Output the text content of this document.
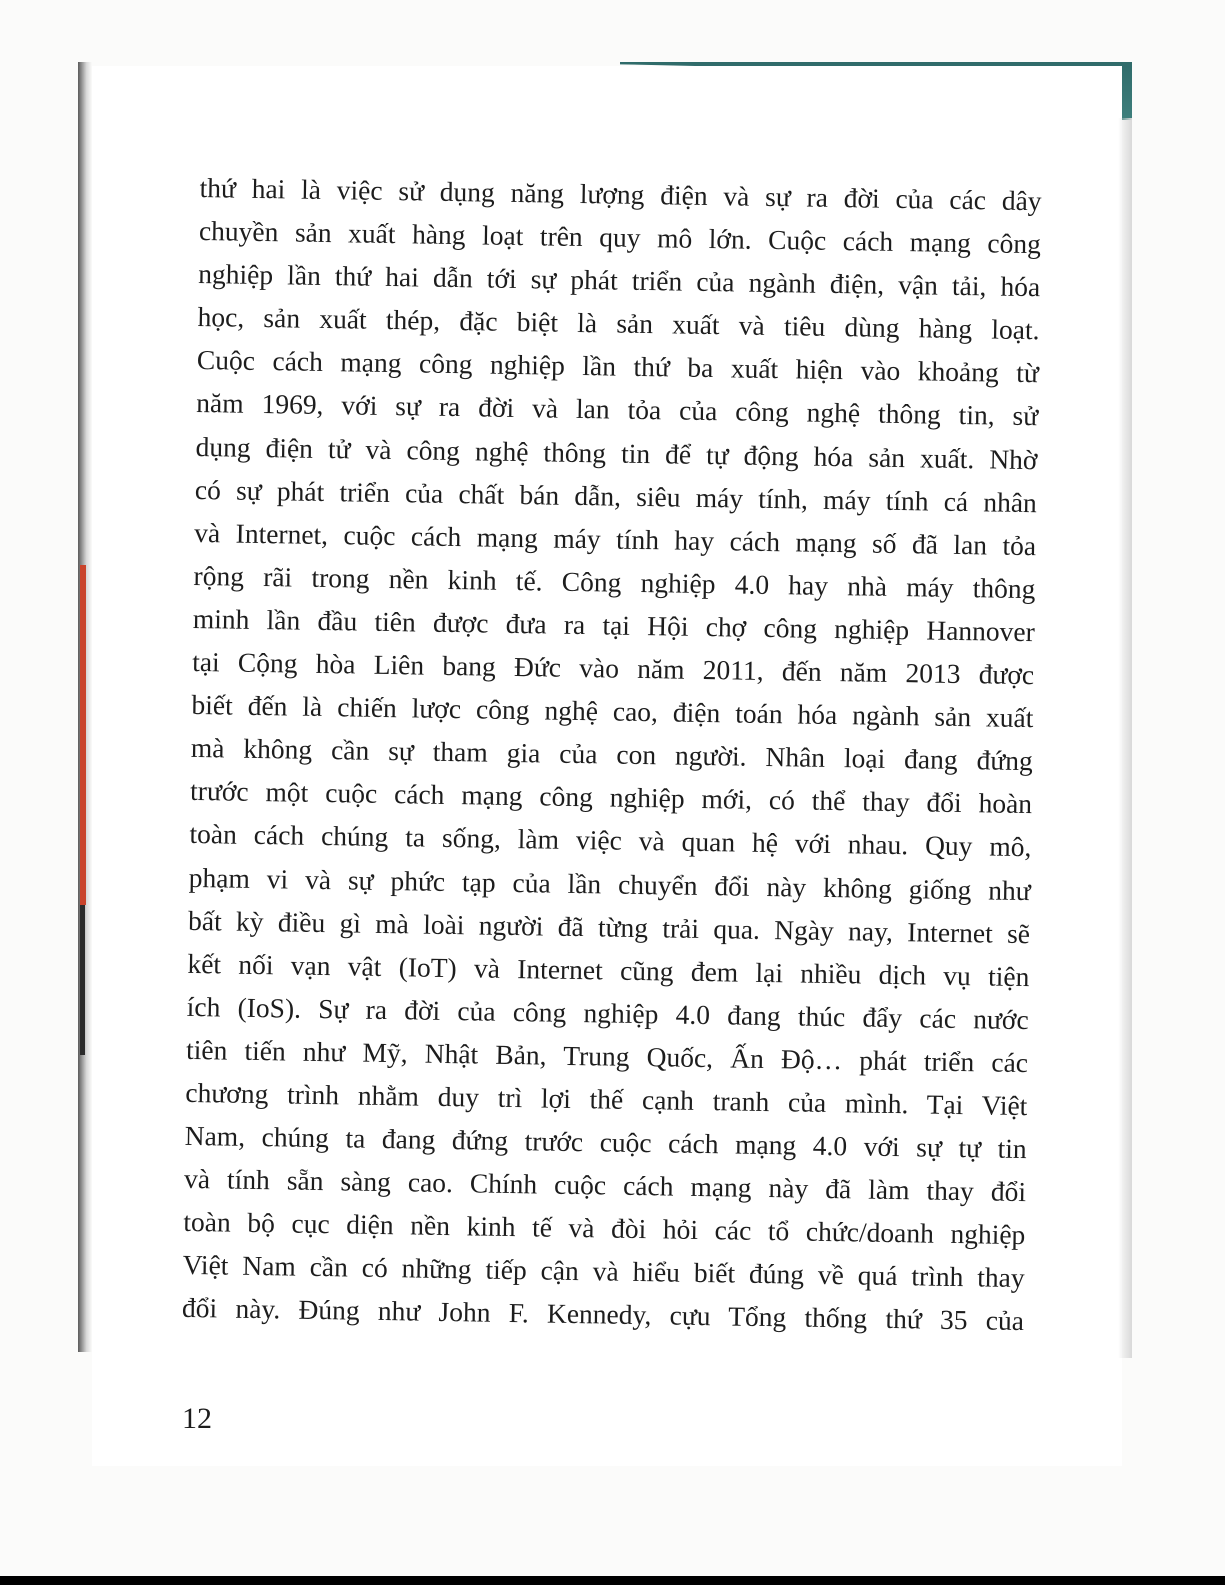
thứ hai là việc sử dụng năng lượng điện và sự ra đời của các dây
chuyền sản xuất hàng loạt trên quy mô lớn. Cuộc cách mạng công
nghiệp lần thứ hai dẫn tới sự phát triển của ngành điện, vận tải, hóa
học, sản xuất thép, đặc biệt là sản xuất và tiêu dùng hàng loạt.
Cuộc cách mạng công nghiệp lần thứ ba xuất hiện vào khoảng từ
năm 1969, với sự ra đời và lan tỏa của công nghệ thông tin, sử
dụng điện tử và công nghệ thông tin để tự động hóa sản xuất. Nhờ
có sự phát triển của chất bán dẫn, siêu máy tính, máy tính cá nhân
và Internet, cuộc cách mạng máy tính hay cách mạng số đã lan tỏa
rộng rãi trong nền kinh tế. Công nghiệp 4.0 hay nhà máy thông
minh lần đầu tiên được đưa ra tại Hội chợ công nghiệp Hannover
tại Cộng hòa Liên bang Đức vào năm 2011, đến năm 2013 được
biết đến là chiến lược công nghệ cao, điện toán hóa ngành sản xuất
mà không cần sự tham gia của con người. Nhân loại đang đứng
trước một cuộc cách mạng công nghiệp mới, có thể thay đổi hoàn
toàn cách chúng ta sống, làm việc và quan hệ với nhau. Quy mô,
phạm vi và sự phức tạp của lần chuyển đổi này không giống như
bất kỳ điều gì mà loài người đã từng trải qua. Ngày nay, Internet sẽ
kết nối vạn vật (IoT) và Internet cũng đem lại nhiều dịch vụ tiện
ích (IoS). Sự ra đời của công nghiệp 4.0 đang thúc đẩy các nước
tiên tiến như Mỹ, Nhật Bản, Trung Quốc, Ấn Độ… phát triển các
chương trình nhằm duy trì lợi thế cạnh tranh của mình. Tại Việt
Nam, chúng ta đang đứng trước cuộc cách mạng 4.0 với sự tự tin
và tính sẵn sàng cao. Chính cuộc cách mạng này đã làm thay đổi
toàn bộ cục diện nền kinh tế và đòi hỏi các tổ chức/doanh nghiệp
Việt Nam cần có những tiếp cận và hiểu biết đúng về quá trình thay
đổi này. Đúng như John F. Kennedy, cựu Tổng thống thứ 35 của
12
